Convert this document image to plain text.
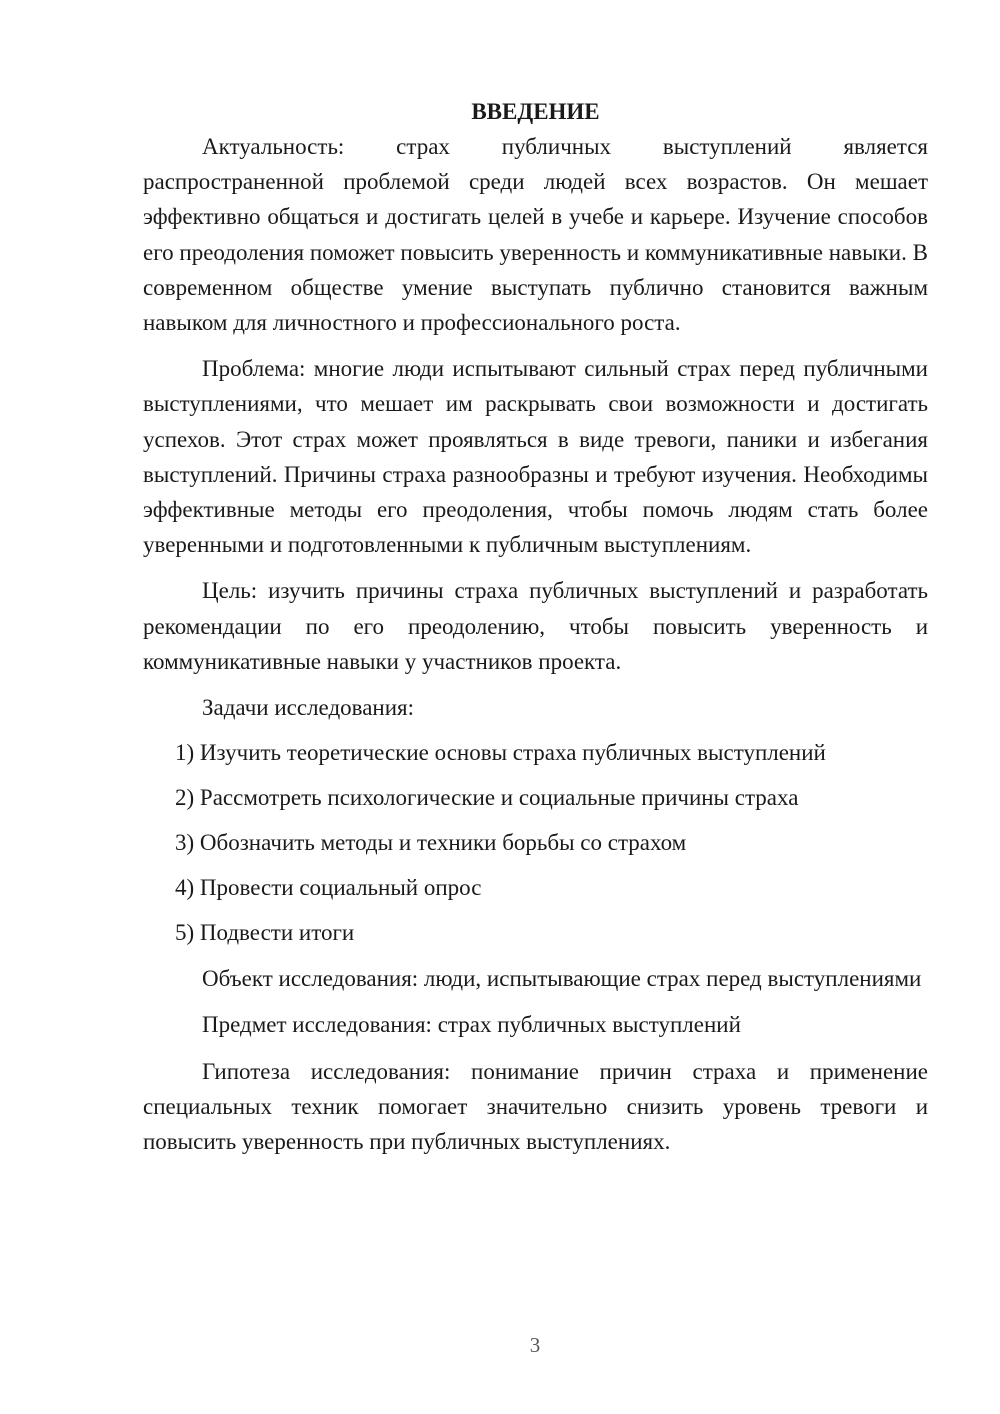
ВВЕДЕНИЕ

Актуальность: страх публичных выступлений является распространенной проблемой среди людей всех возрастов. Он мешает эффективно общаться и достигать целей в учебе и карьере. Изучение способов его преодоления поможет повысить уверенность и коммуникативные навыки. В современном обществе умение выступать публично становится важным навыком для личностного и профессионального роста.

Проблема: многие люди испытывают сильный страх перед публичными выступлениями, что мешает им раскрывать свои возможности и достигать успехов. Этот страх может проявляться в виде тревоги, паники и избегания выступлений. Причины страха разнообразны и требуют изучения. Необходимы эффективные методы его преодоления, чтобы помочь людям стать более уверенными и подготовленными к публичным выступлениям.

Цель: изучить причины страха публичных выступлений и разработать рекомендации по его преодолению, чтобы повысить уверенность и коммуникативные навыки у участников проекта.

Задачи исследования:

1) Изучить теоретические основы страха публичных выступлений

2) Рассмотреть психологические и социальные причины страха

3) Обозначить методы и техники борьбы со страхом

4) Провести социальный опрос

5) Подвести итоги

Объект исследования: люди, испытывающие страх перед выступлениями

Предмет исследования: страх публичных выступлений

Гипотеза исследования: понимание причин страха и применение специальных техник помогает значительно снизить уровень тревоги и повысить уверенность при публичных выступлениях.

3
